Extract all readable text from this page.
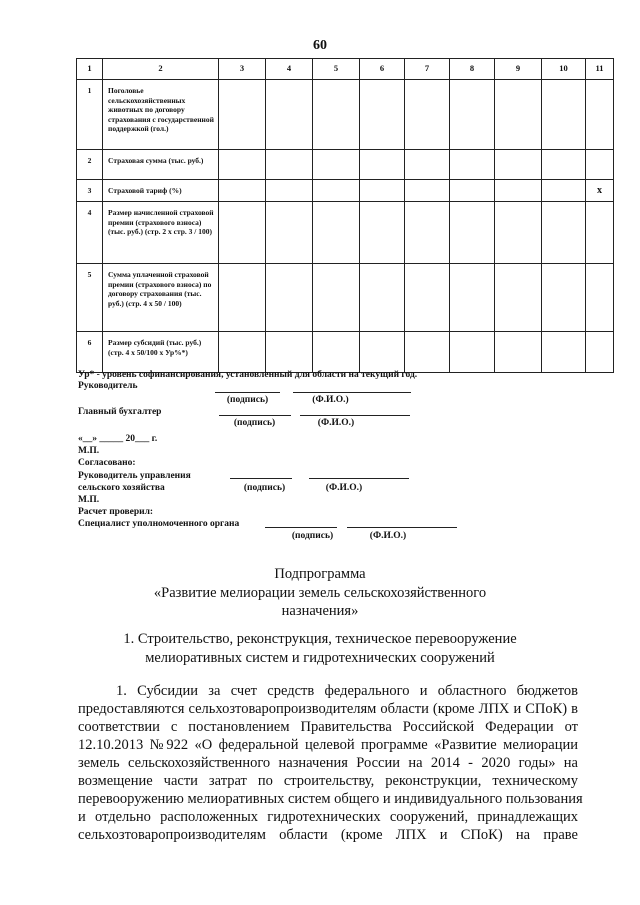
60
1	2	3	4	5	6	7	8	9	10	11
1	Поголовье сельскохозяйственных животных по договору страхования с государственной поддержкой (гол.)									
2	Страховая сумма (тыс. руб.)									
3	Страховой тариф (%)									x
4	Размер начисленной страховой премии (страхового взноса) (тыс. руб.) (стр. 2 х стр. 3 / 100)									
5	Сумма уплаченной страховой премии (страхового взноса) по договору страхования (тыс. руб.) (стр. 4 х 50 / 100)									
6	Размер субсидий (тыс. руб.) (стр. 4 х 50/100 х Ур%*)									
Ур* - уровень софинансирования, установленный для области на текущий год.
Руководитель
(подпись)	(Ф.И.О.)
Главный бухгалтер
(подпись)	(Ф.И.О.)
«__» _____ 20___ г.
М.П.
Согласовано:
Руководитель управления
сельского хозяйства	(подпись)	(Ф.И.О.)
М.П.
Расчет проверил:
Специалист уполномоченного органа
(подпись)	(Ф.И.О.)
Подпрограмма
«Развитие мелиорации земель сельскохозяйственного
назначения»
1. Строительство, реконструкция, техническое перевооружение
мелиоративных систем и гидротехнических сооружений
1. Субсидии за счет средств федерального и областного бюджетов
предоставляются сельхозтоваропроизводителям области (кроме ЛПХ и СПоК) в
соответствии с постановлением Правительства Российской Федерации от
12.10.2013 №922 «О федеральной целевой программе «Развитие мелиорации
земель сельскохозяйственного назначения России на 2014 - 2020 годы» на
возмещение части затрат по строительству, реконструкции, техническому
перевооружению мелиоративных систем общего и индивидуального пользования
и отдельно расположенных гидротехнических сооружений, принадлежащих
сельхозтоваропроизводителям области (кроме ЛПХ и СПоК) на праве
